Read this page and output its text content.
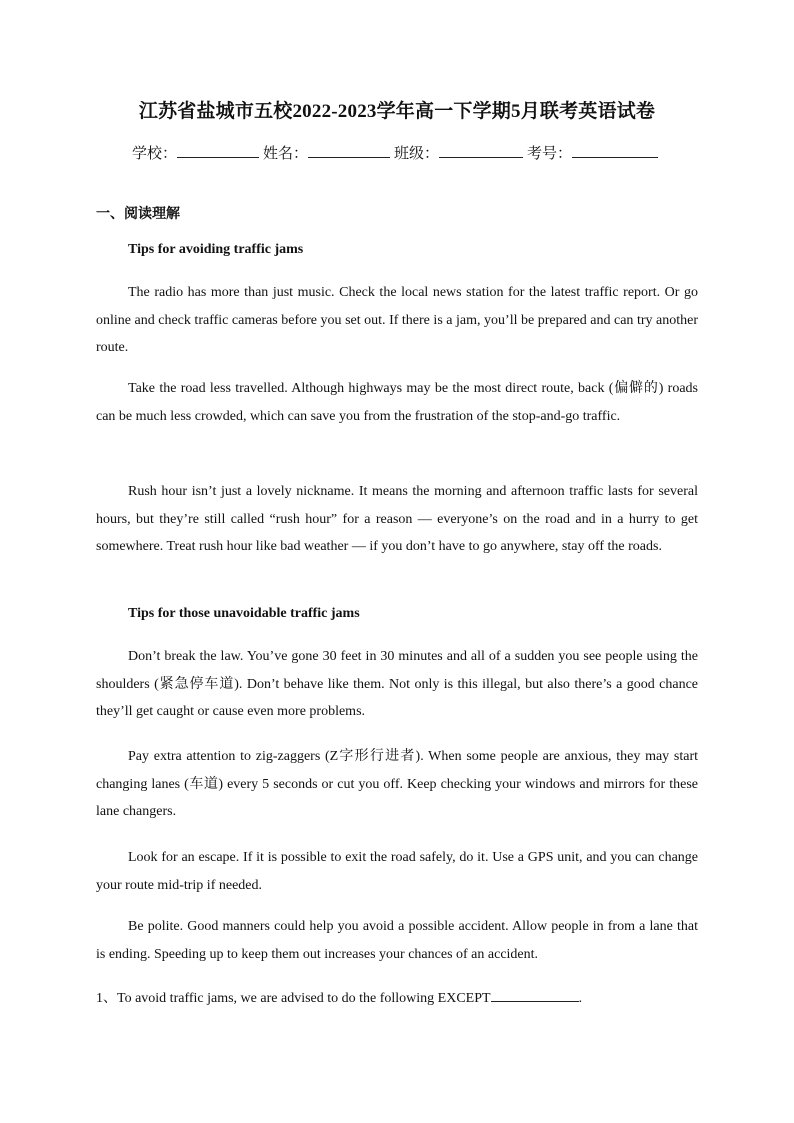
江苏省盐城市五校2022-2023学年高一下学期5月联考英语试卷
学校：	姓名：	班级：	考号：
一、阅读理解
Tips for avoiding traffic jams
The radio has more than just music. Check the local news station for the latest traffic report. Or go online and check traffic cameras before you set out. If there is a jam, you’ll be prepared and can try another route.
Take the road less travelled. Although highways may be the most direct route, back (偏僻的) roads can be much less crowded, which can save you from the frustration of the stop-and-go traffic.
Rush hour isn’t just a lovely nickname. It means the morning and afternoon traffic lasts for several hours, but they’re still called “rush hour” for a reason — everyone’s on the road and in a hurry to get somewhere. Treat rush hour like bad weather — if you don’t have to go anywhere, stay off the roads.
Tips for those unavoidable traffic jams
Don’t break the law. You’ve gone 30 feet in 30 minutes and all of a sudden you see people using the shoulders (紧急停车道). Don’t behave like them. Not only is this illegal, but also there’s a good chance they’ll get caught or cause even more problems.
Pay extra attention to zig-zaggers (Z字形行进者). When some people are anxious, they may start changing lanes (车道) every 5 seconds or cut you off. Keep checking your windows and mirrors for these lane changers.
Look for an escape. If it is possible to exit the road safely, do it. Use a GPS unit, and you can change your route mid-trip if needed.
Be polite. Good manners could help you avoid a possible accident. Allow people in from a lane that is ending. Speeding up to keep them out increases your chances of an accident.
1、To avoid traffic jams, we are advised to do the following EXCEPT	.
